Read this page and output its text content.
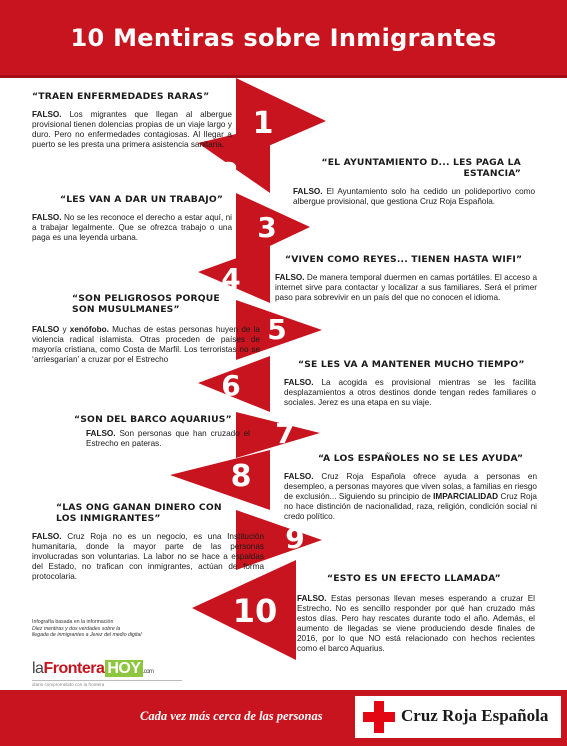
10 Mentiras sobre Inmigrantes
1
2
3
4
5
6
7
8
9
10
“TRAEN ENFERMEDADES RARAS”

FALSO. Los migrantes que llegan al albergue provisional tienen dolencias propias de un viaje largo y duro. Pero no enfermedades contagiosas. Al llegar a puerto se les presta una primera asistencia sanitaria.

“EL AYUNTAMIENTO D... LES PAGA LA ESTANCIA”

FALSO. El Ayuntamiento solo ha cedido un polideportivo como albergue provisional, que gestiona Cruz Roja Española.

“LES VAN A DAR UN TRABAJO”

FALSO. No se les reconoce el derecho a estar aquí, ni a trabajar legalmente. Que se ofrezca trabajo o una paga es una leyenda urbana.

“VIVEN COMO REYES... TIENEN HASTA WIFI”

FALSO. De manera temporal duermen en camas portátiles. El acceso a internet sirve para contactar y localizar a sus familiares. Será el primer paso para sobrevivir en un país del que no conocen el idioma.

“SON PELIGROSOS PORQUE SON MUSULMANES”

FALSO y xenófobo. Muchas de estas personas huyen de la violencia radical islamista. Otras proceden de países de mayoría cristiana, como Costa de Marfil. Los terroristas no se ‘arriesgarían’ a cruzar por el Estrecho	“SE LES VA A MANTENER MUCHO TIEMPO”

FALSO. La acogida es provisional mientras se les facilita desplazamientos a otros destinos donde tengan redes familiares o sociales. Jerez es una etapa en su viaje.

“SON DEL BARCO AQUARIUS”

FALSO. Son personas que han cruzado el Estrecho en pateras.

“A LOS ESPAÑOLES NO SE LES AYUDA”

FALSO. Cruz Roja Española ofrece ayuda a personas en desempleo, a personas mayores que viven solas, a familias en riesgo de exclusión... Siguiendo su principio de IMPARCIALIDAD Cruz Roja no hace distinción de nacionalidad, raza, religión, condición social ni credo político.

“LAS ONG GANAN DINERO CON LOS INMIGRANTES”

FALSO. Cruz Roja no es un negocio, es una Institución humanitaria, donde la mayor parte de las personas involucradas son voluntarias. La labor no se hace a espaldas del Estado, no trafican con inmigrantes, actúan de forma protocolaria.	“ESTO ES UN EFECTO LLAMADA”

FALSO. Estas personas llevan meses esperando a cruzar El Estrecho. No es sencillo responder por qué han cruzado más estos días. Pero hay rescates durante todo el año. Además, el aumento de llegadas se viene produciendo desde finales de 2016, por lo que NO está relacionado con hechos recientes como el barco Aquarius.

Infografía basada en la información
Diez mentiras y dos verdades sobre la
llegada de inmigrantes a Jerez del medio digital
laFrontera HOY .com
diario comprometido con la frontera
Cada vez más cerca de las personas	Cruz Roja Española
